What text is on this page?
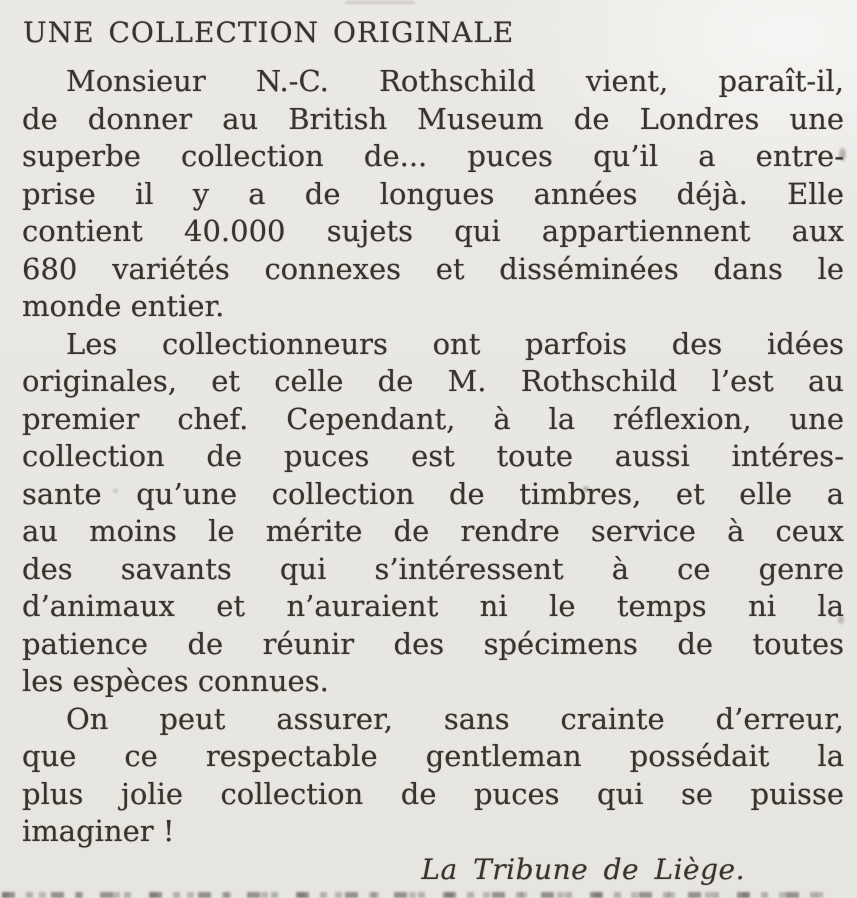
UNE COLLECTION ORIGINALE
Monsieur N.-C. Rothschild vient, paraît-il,
de donner au British Museum de Londres une
superbe collection de... puces qu’il a entre-
prise il y a de longues années déjà. Elle
contient 40.000 sujets qui appartiennent aux
680 variétés connexes et disséminées dans le
monde entier.
Les collectionneurs ont parfois des idées
originales, et celle de M. Rothschild l’est au
premier chef. Cependant, à la réflexion, une
collection de puces est toute aussi intéres-
sante qu’une collection de timbres, et elle a
au moins le mérite de rendre service à ceux
des savants qui s’intéressent à ce genre
d’animaux et n’auraient ni le temps ni la
patience de réunir des spécimens de toutes
les espèces connues.
On peut assurer, sans crainte d’erreur,
que ce respectable gentleman possédait la
plus jolie collection de puces qui se puisse
imaginer !
La Tribune de Liège.
